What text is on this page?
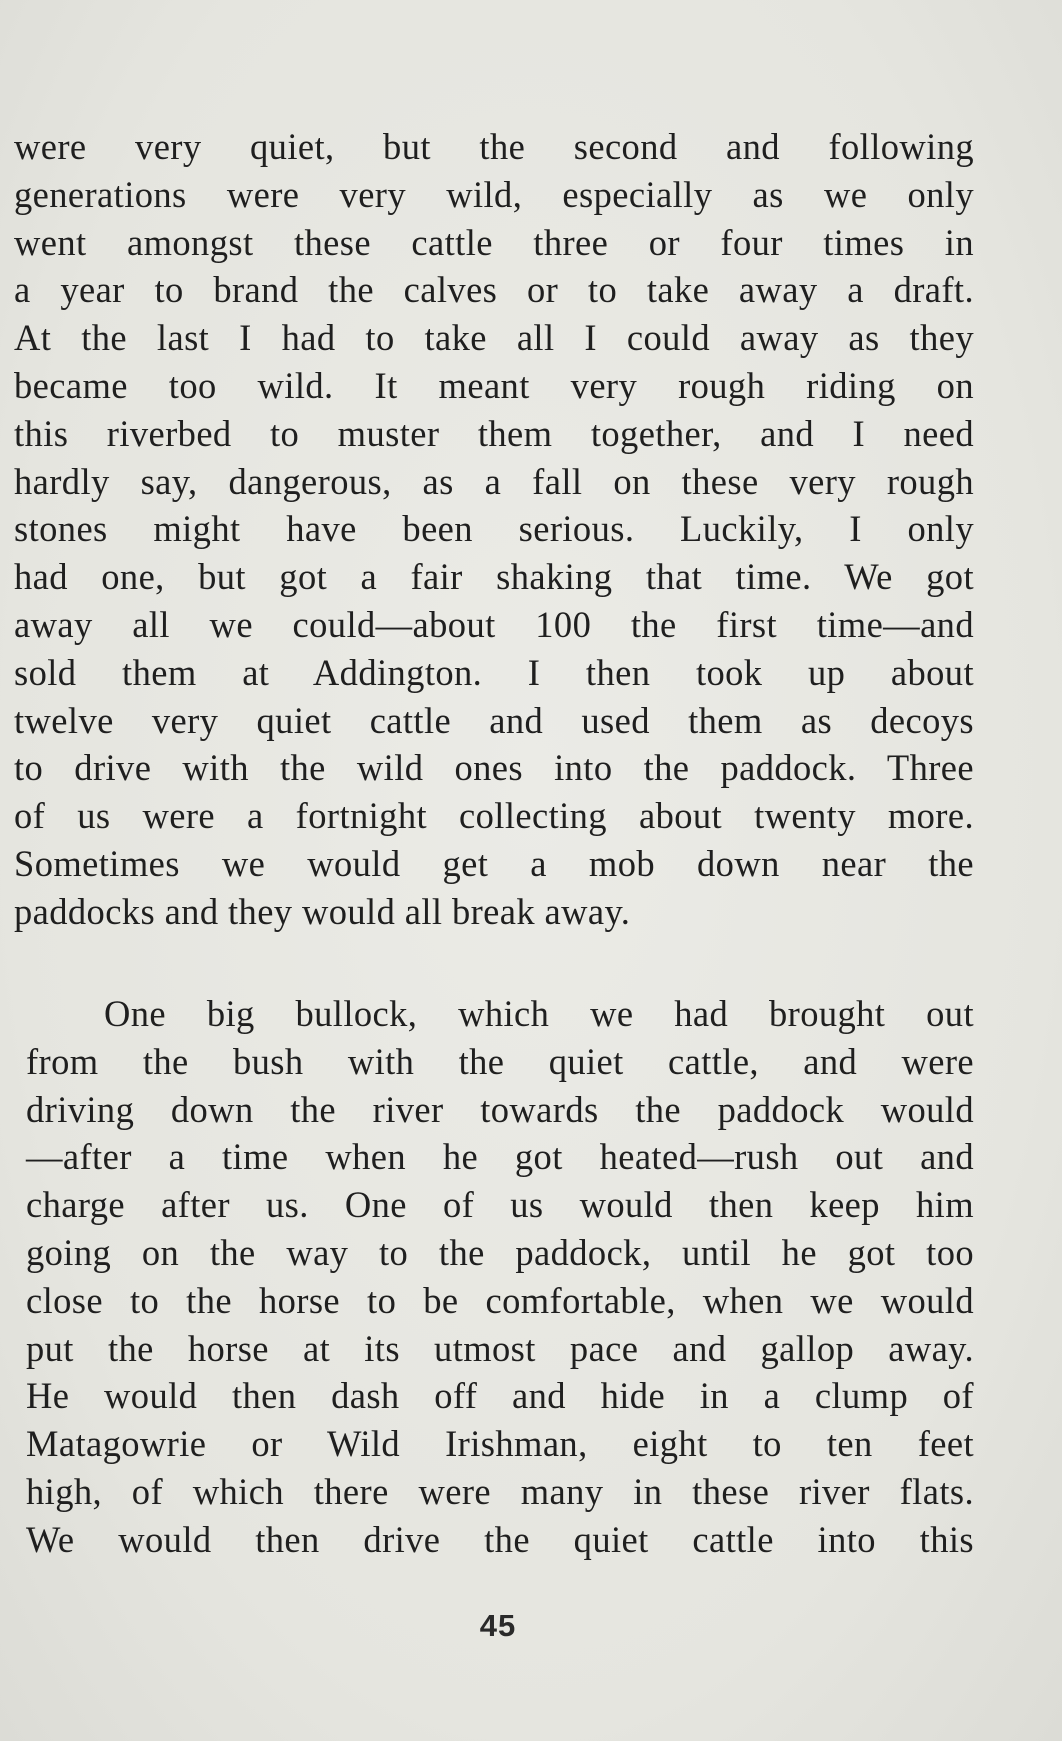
were very quiet, but the second and following
generations were very wild, especially as we only
went amongst these cattle three or four times in
a year to brand the calves or to take away a draft.
At the last I had to take all I could away as they
became too wild. It meant very rough riding on
this riverbed to muster them together, and I need
hardly say, dangerous, as a fall on these very rough
stones might have been serious. Luckily, I only
had one, but got a fair shaking that time. We got
away all we could—about 100 the first time—and
sold them at Addington. I then took up about
twelve very quiet cattle and used them as decoys
to drive with the wild ones into the paddock. Three
of us were a fortnight collecting about twenty more.
Sometimes we would get a mob down near the
paddocks and they would all break away.
One big bullock, which we had brought out
from the bush with the quiet cattle, and were
driving down the river towards the paddock would
—after a time when he got heated—rush out and
charge after us. One of us would then keep him
going on the way to the paddock, until he got too
close to the horse to be comfortable, when we would
put the horse at its utmost pace and gallop away.
He would then dash off and hide in a clump of
Matagowrie or Wild Irishman, eight to ten feet
high, of which there were many in these river flats.
We would then drive the quiet cattle into this
45
